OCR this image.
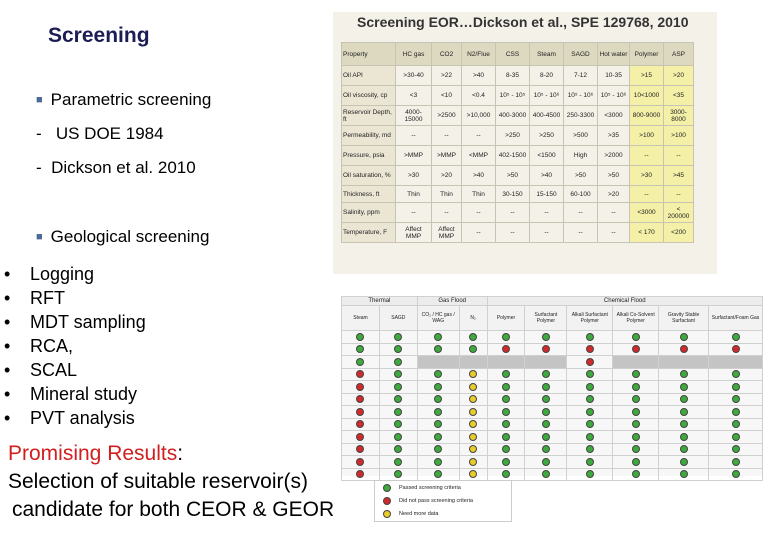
Screening
■ Parametric screening
-   US DOE 1984
-  Dickson et al. 2010
■ Geological screening
•	Logging
•	RFT
•	MDT sampling
•	RCA,
•	SCAL
•	Mineral study
•	PVT analysis
Promising Results:
Selection of suitable reservoir(s)
candidate for both CEOR & GEOR
Screening EOR…Dickson et al., SPE 129768, 2010
Property	HC gas	CO2	N2/Flue	CSS	Steam	SAGD	Hot water	Polymer	ASP
Oil API	>30-40	>22	>40	8-35	8-20	7-12	10-35	>15	>20
Oil viscosity, cp	<3	<10	<0.4	10⁵ - 10⁵	10⁵ - 10⁶	10⁵ - 10⁶	10⁵ - 10⁶	10<1000	<35
Reservoir Depth, ft	4000-15000	>2500	>10,000	400-3000	400-4500	250-3300	<3000	800-9000	3000-8000
Permeability, md	--	--	--	>250	>250	>500	>35	>100	>100
Pressure, psia	>MMP	>MMP	<MMP	402-1500	<1500	High	>2000	--	--
Oil saturation, %	>30	>20	>40	>50	>40	>50	>50	>30	>45
Thickness, ft	Thin	Thin	Thin	30-150	15-150	60-100	>20	--	--
Salinity, ppm	--	--	--	--	--	--	--	<3000	< 200000
Temperature, F	Affect MMP	Affect MMP	--	--	--	--	--	< 170	<200
Thermal		Gas Flood		Chemical Flood					
Steam	SAGD	CO₂ / HC gas / WAG	N₂	Polymer	Surfactant Polymer	Alkali Surfactant Polymer	Alkali Co-Solvent Polymer	Gravity Stable Surfactant	Surfactant/Foam Gas

Passed screening criteria
Did not pass screening criteria
Need more data
